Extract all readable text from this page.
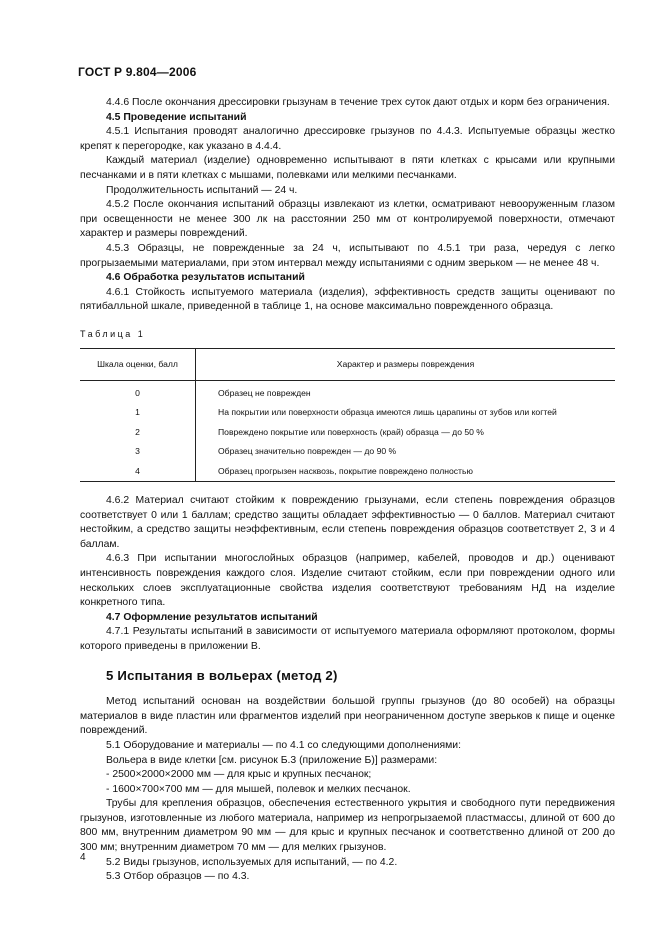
ГОСТ Р 9.804—2006

4.4.6 После окончания дрессировки грызунам в течение трех суток дают отдых и корм без ограничения.

4.5 Проведение испытаний

4.5.1 Испытания проводят аналогично дрессировке грызунов по 4.4.3. Испытуемые образцы жестко крепят к перегородке, как указано в 4.4.4.

Каждый материал (изделие) одновременно испытывают в пяти клетках с крысами или крупными песчанками и в пяти клетках с мышами, полевками или мелкими песчанками.

Продолжительность испытаний — 24 ч.

4.5.2 После окончания испытаний образцы извлекают из клетки, осматривают невооруженным глазом при освещенности не менее 300 лк на расстоянии 250 мм от контролируемой поверхности, отмечают характер и размеры повреждений.

4.5.3 Образцы, не поврежденные за 24 ч, испытывают по 4.5.1 три раза, чередуя с легко прогрызаемыми материалами, при этом интервал между испытаниями с одним зверьком — не менее 48 ч.

4.6 Обработка результатов испытаний

4.6.1 Стойкость испытуемого материала (изделия), эффективность средств защиты оценивают по пятибалльной шкале, приведенной в таблице 1, на основе максимально поврежденного образца.

Таблица 1
Шкала оценки, балл	Характер и размеры повреждения
0	Образец не поврежден
1	На покрытии или поверхности образца имеются лишь царапины от зубов или когтей
2	Повреждено покрытие или поверхность (край) образца — до 50 %
3	Образец значительно поврежден — до 90 %
4	Образец прогрызен насквозь, покрытие повреждено полностью

4.6.2 Материал считают стойким к повреждению грызунами, если степень повреждения образцов соответствует 0 или 1 баллам; средство защиты обладает эффективностью — 0 баллов. Материал считают нестойким, а средство защиты неэффективным, если степень повреждения образцов соответствует 2, 3 и 4 баллам.

4.6.3 При испытании многослойных образцов (например, кабелей, проводов и др.) оценивают интенсивность повреждения каждого слоя. Изделие считают стойким, если при повреждении одного или нескольких слоев эксплуатационные свойства изделия соответствуют требованиям НД на изделие конкретного типа.

4.7 Оформление результатов испытаний

4.7.1 Результаты испытаний в зависимости от испытуемого материала оформляют протоколом, формы которого приведены в приложении В.

5 Испытания в вольерах (метод 2)

Метод испытаний основан на воздействии большой группы грызунов (до 80 особей) на образцы материалов в виде пластин или фрагментов изделий при неограниченном доступе зверьков к пище и оценке повреждений.

5.1 Оборудование и материалы — по 4.1 со следующими дополнениями:

Вольера в виде клетки [см. рисунок Б.3 (приложение Б)] размерами:

- 2500×2000×2000 мм — для крыс и крупных песчанок;

- 1600×700×700 мм — для мышей, полевок и мелких песчанок.

Трубы для крепления образцов, обеспечения естественного укрытия и свободного пути передвижения грызунов, изготовленные из любого материала, например из непрогрызаемой пластмассы, длиной от 600 до 800 мм, внутренним диаметром 90 мм — для крыс и крупных песчанок и соответственно длиной от 200 до 300 мм; внутренним диаметром 70 мм — для мелких грызунов.

5.2 Виды грызунов, используемых для испытаний, — по 4.2.

5.3 Отбор образцов — по 4.3.

4
